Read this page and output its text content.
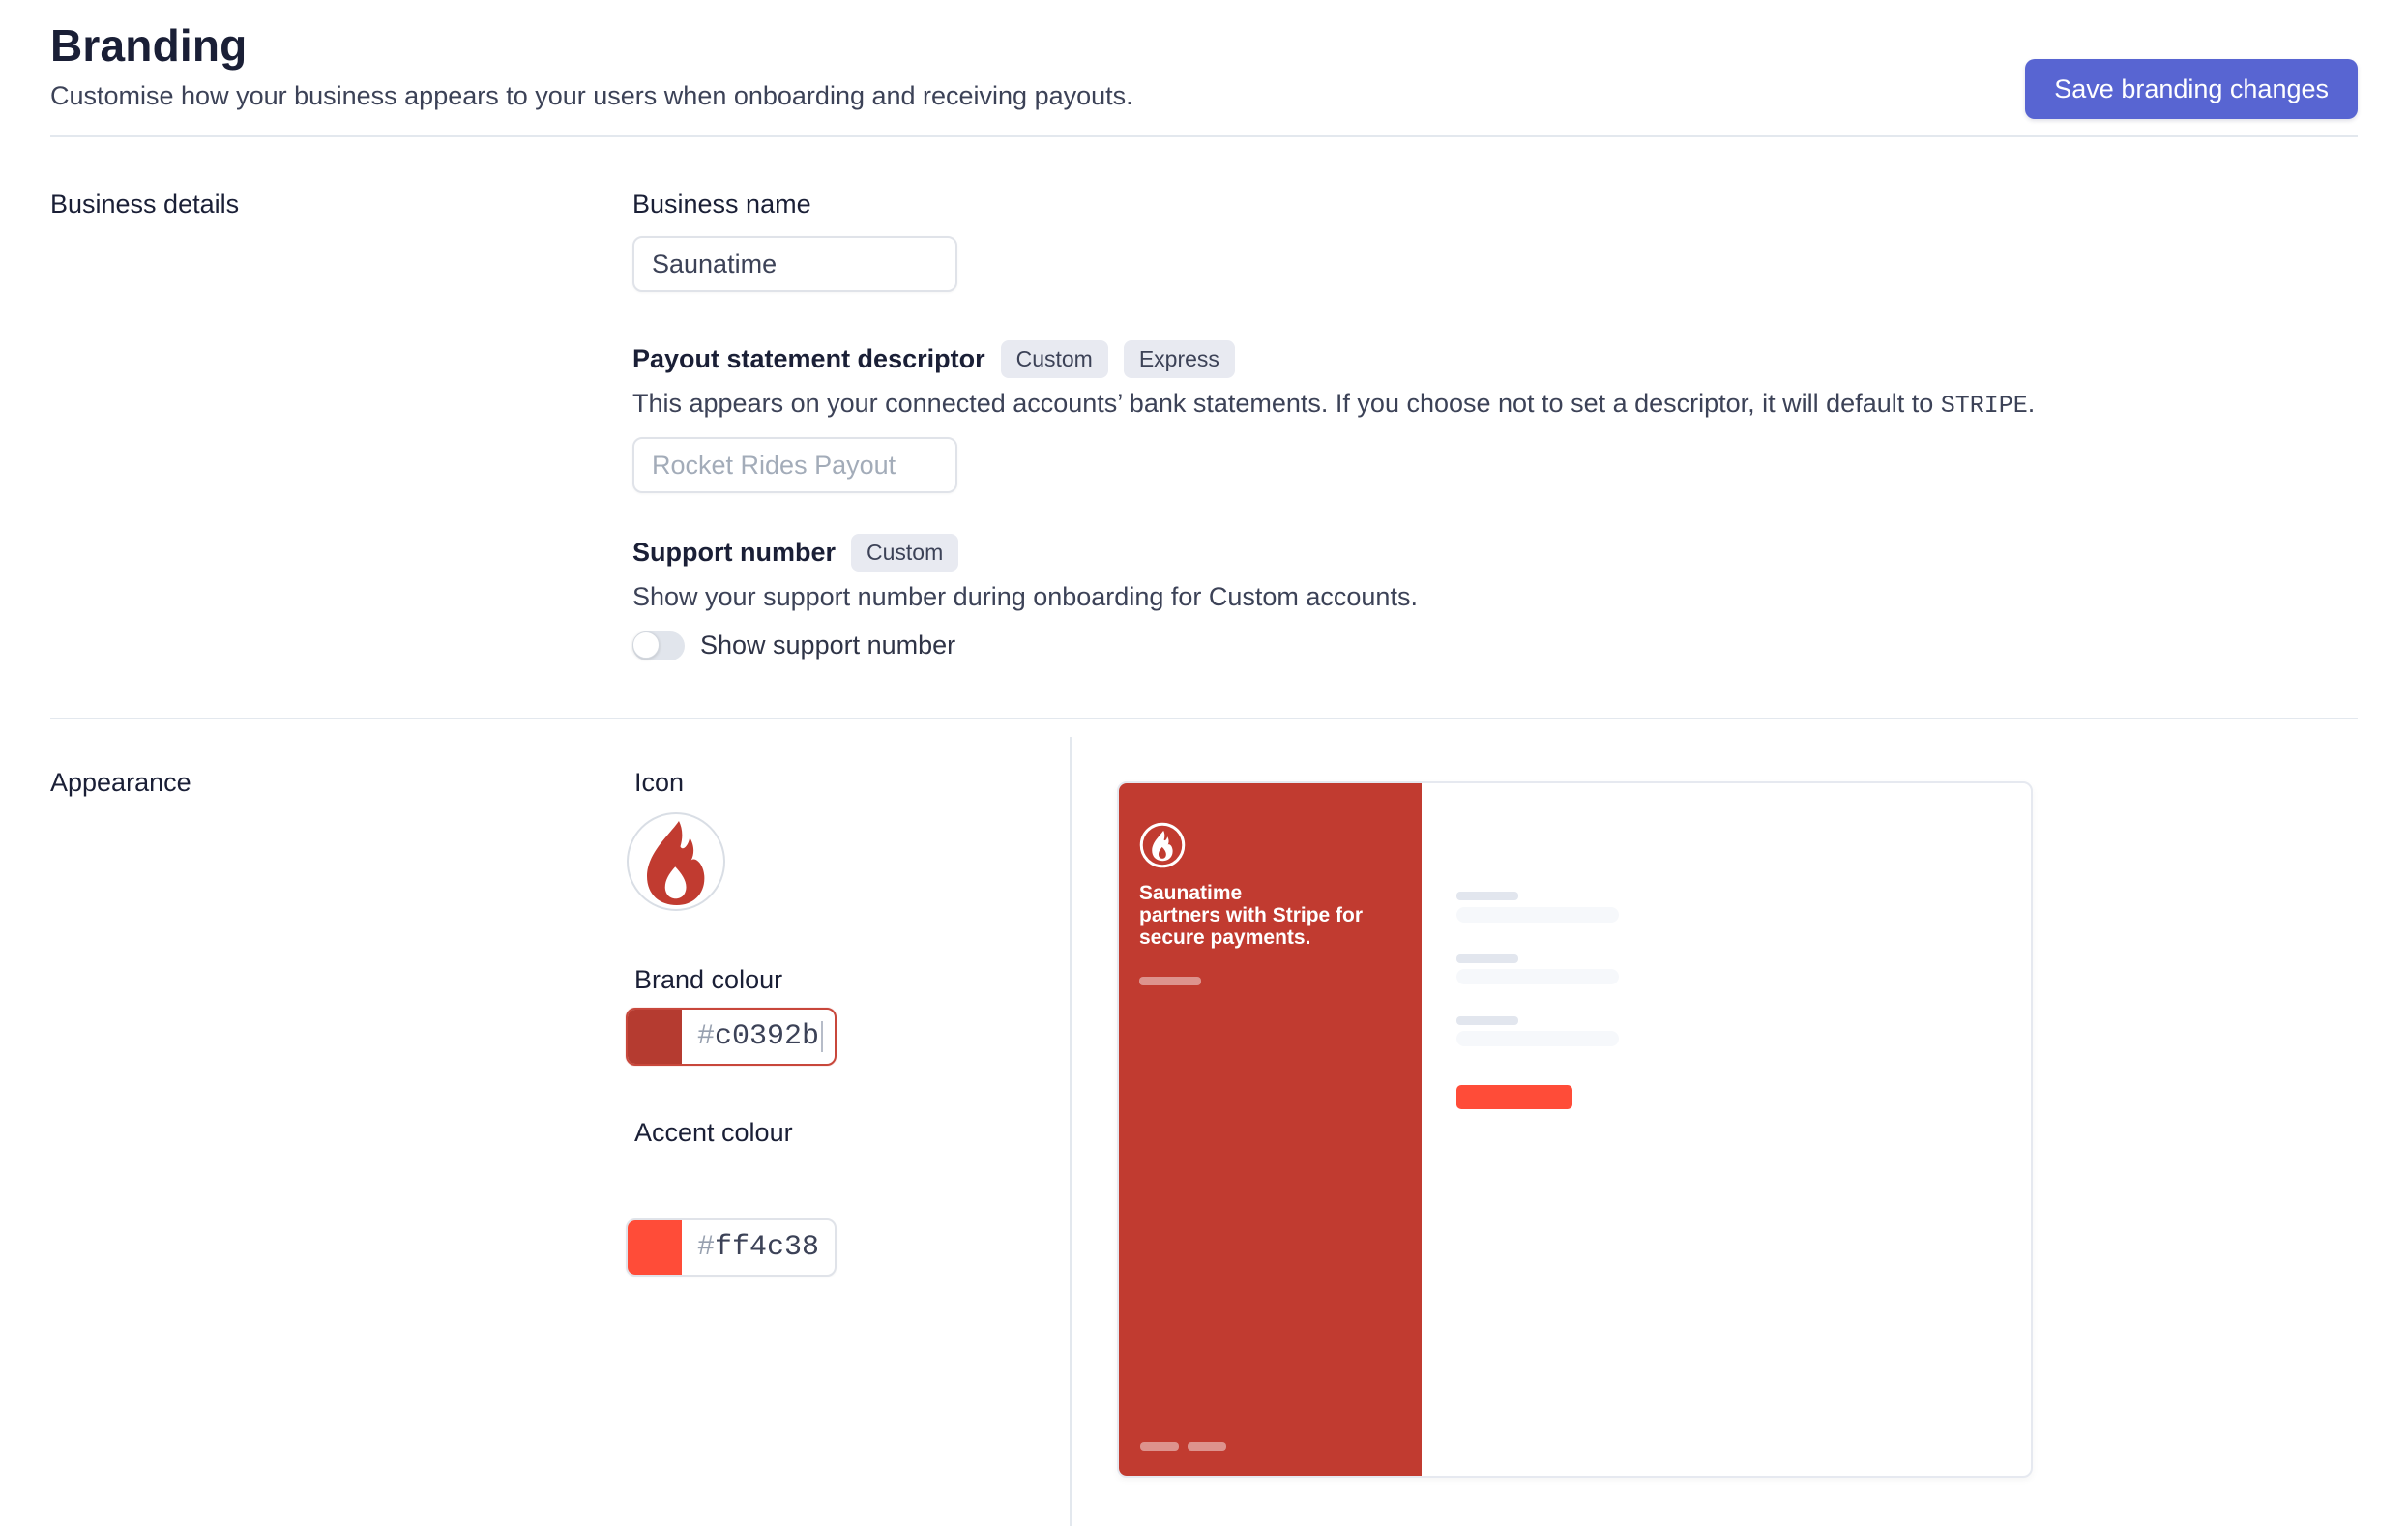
Branding
Customise how your business appears to your users when onboarding and receiving payouts.	Save branding changes
Business details	Business name
Saunatime
Payout statement descriptor	Custom	Express
This appears on your connected accounts’ bank statements. If you choose not to set a descriptor, it will default to STRIPE.
Rocket Rides Payout
Support number	Custom
Show your support number during onboarding for Custom accounts.
Show support number
Appearance	Icon
Brand colour
# c0392b
Accent colour
# ff4c38
Saunatime
partners with Stripe for
secure payments.
